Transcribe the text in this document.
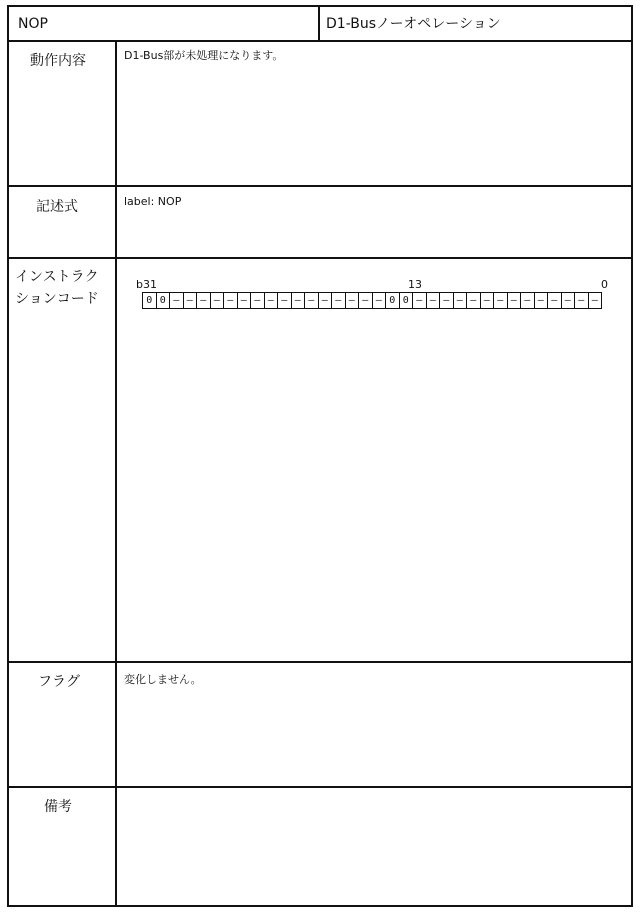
NOP	D1-Busノーオペレーション
動作内容	D1-Bus部が未処理になります。
記述式	label: NOP
インストラク
ションコード
b31	13	0
0 0 — — — — — — — — — — — — — — — — 0 0 — — — — — — — — — — — — — —
フラグ	変化しません。
備考
